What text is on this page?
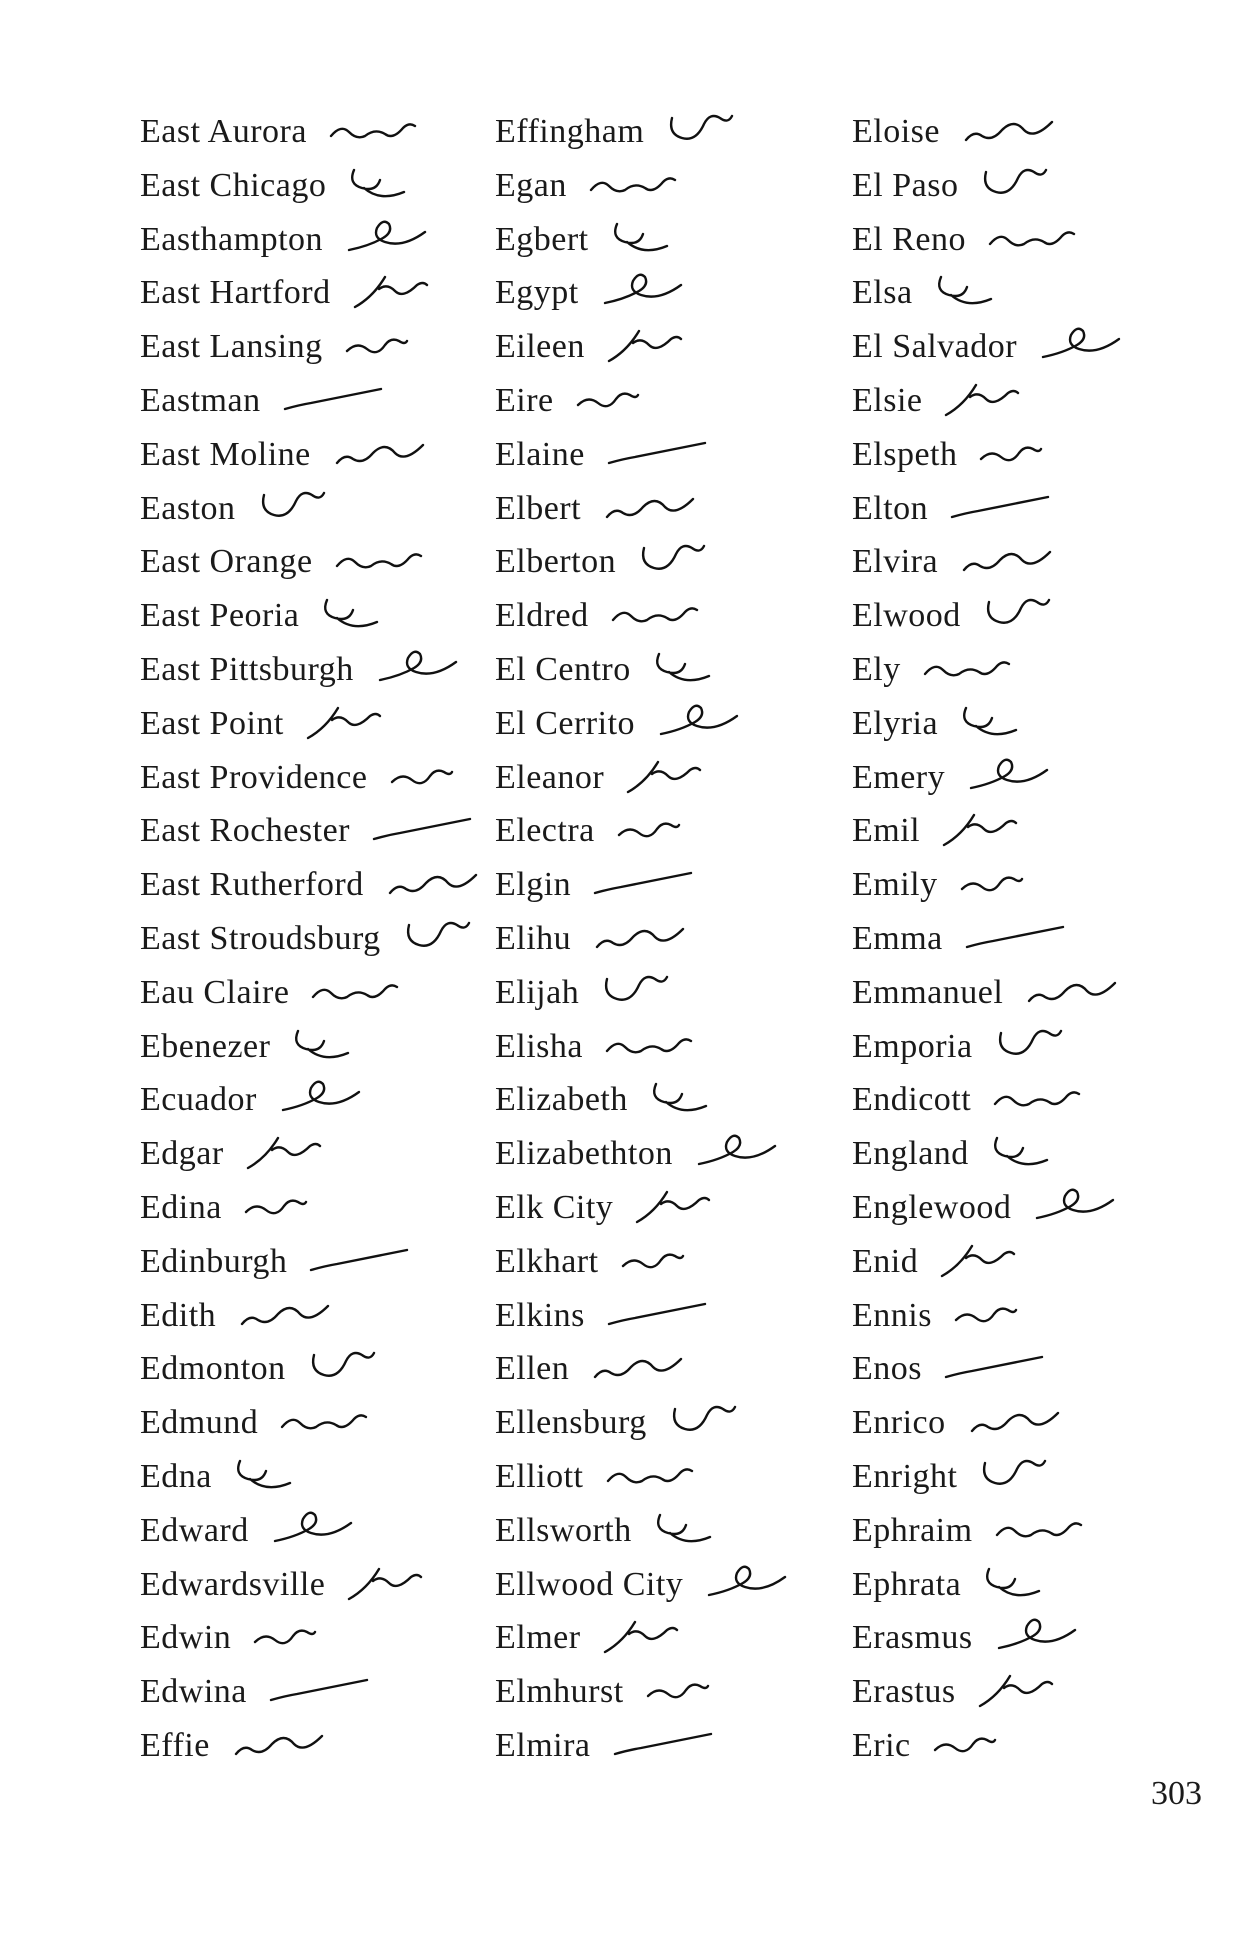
East Aurora
East Chicago
Easthampton
East Hartford
East Lansing
Eastman
East Moline
Easton
East Orange
East Peoria
East Pittsburgh
East Point
East Providence
East Rochester
East Rutherford
East Stroudsburg
Eau Claire
Ebenezer
Ecuador
Edgar
Edina
Edinburgh
Edith
Edmonton
Edmund
Edna
Edward
Edwardsville
Edwin
Edwina
Effie
Effingham
Egan
Egbert
Egypt
Eileen
Eire
Elaine
Elbert
Elberton
Eldred
El Centro
El Cerrito
Eleanor
Electra
Elgin
Elihu
Elijah
Elisha
Elizabeth
Elizabethton
Elk City
Elkhart
Elkins
Ellen
Ellensburg
Elliott
Ellsworth
Ellwood City
Elmer
Elmhurst
Elmira
Eloise
El Paso
El Reno
Elsa
El Salvador
Elsie
Elspeth
Elton
Elvira
Elwood
Ely
Elyria
Emery
Emil
Emily
Emma
Emmanuel
Emporia
Endicott
England
Englewood
Enid
Ennis
Enos
Enrico
Enright
Ephraim
Ephrata
Erasmus
Erastus
Eric
303
